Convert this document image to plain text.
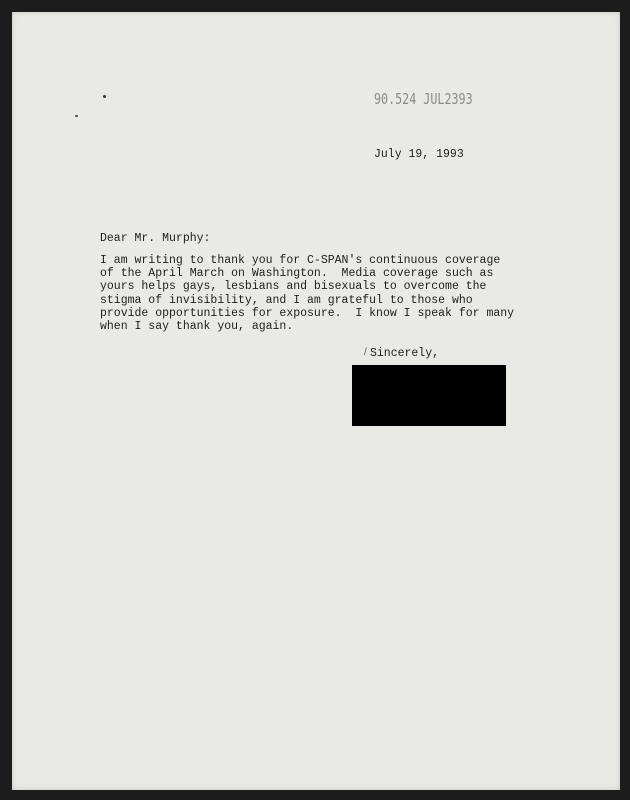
90.524 JUL2393
July 19, 1993
Dear Mr. Murphy:
I am writing to thank you for C-SPAN's continuous coverage
of the April March on Washington.  Media coverage such as
yours helps gays, lesbians and bisexuals to overcome the
stigma of invisibility, and I am grateful to those who
provide opportunities for exposure.  I know I speak for many
when I say thank you, again.
/ Sincerely,
